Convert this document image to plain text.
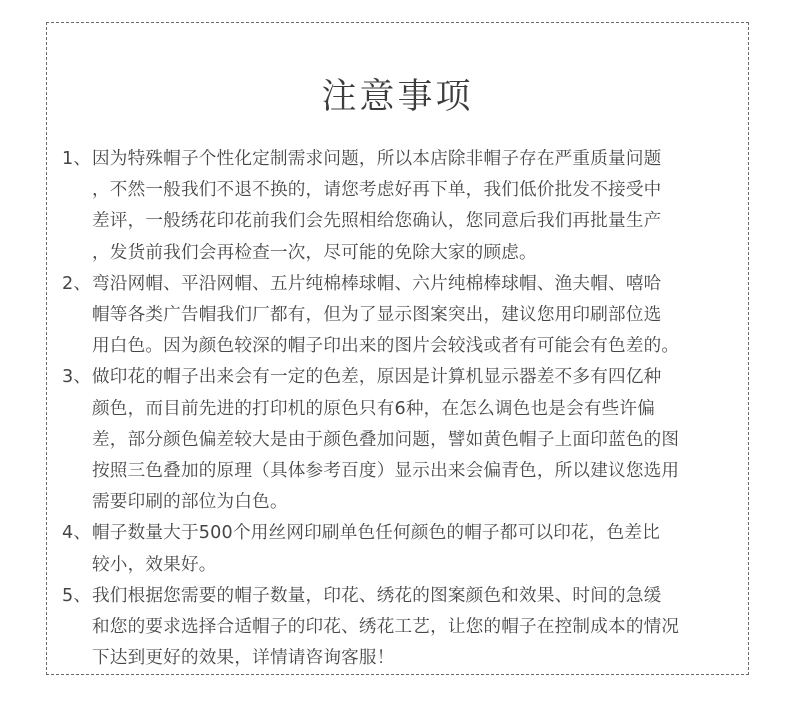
注意事项
1、 因为特殊帽子个性化定制需求问题，所以本店除非帽子存在严重质量问题
，不然一般我们不退不换的，请您考虑好再下单，我们低价批发不接受中
差评，一般绣花印花前我们会先照相给您确认，您同意后我们再批量生产
，发货前我们会再检查一次，尽可能的免除大家的顾虑。
2、 弯沿网帽、平沿网帽、五片纯棉棒球帽、六片纯棉棒球帽、渔夫帽、嘻哈
帽等各类广告帽我们厂都有，但为了显示图案突出，建议您用印刷部位选
用白色。因为颜色较深的帽子印出来的图片会较浅或者有可能会有色差的。
3、 做印花的帽子出来会有一定的色差，原因是计算机显示器差不多有四亿种
颜色，而目前先进的打印机的原色只有6种，在怎么调色也是会有些许偏
差，部分颜色偏差较大是由于颜色叠加问题，譬如黄色帽子上面印蓝色的图
按照三色叠加的原理（具体参考百度）显示出来会偏青色，所以建议您选用
需要印刷的部位为白色。
4、 帽子数量大于500个用丝网印刷单色任何颜色的帽子都可以印花，色差比
较小，效果好。
5、 我们根据您需要的帽子数量，印花、绣花的图案颜色和效果、时间的急缓
和您的要求选择合适帽子的印花、绣花工艺，让您的帽子在控制成本的情况
下达到更好的效果，详情请咨询客服！
